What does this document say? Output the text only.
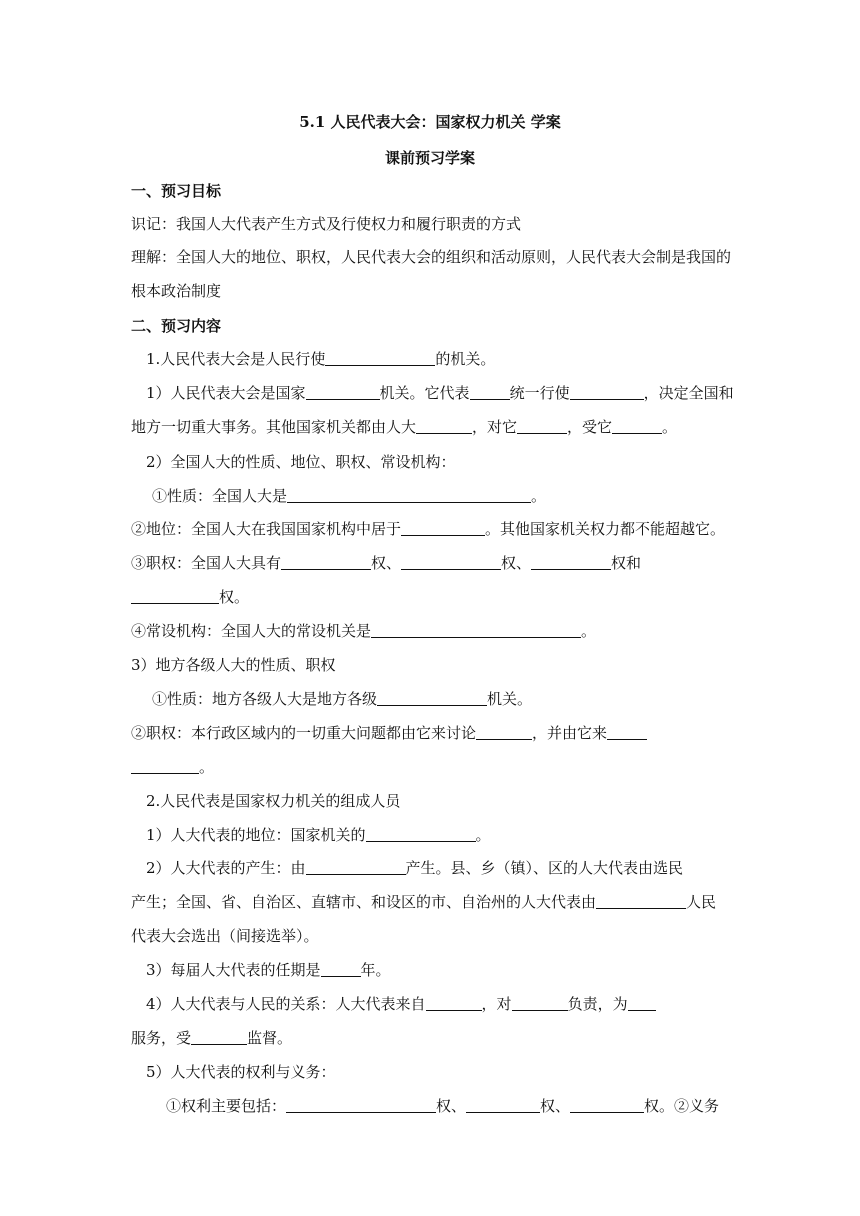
5.1 人民代表大会：国家权力机关 学案
课前预习学案
一、预习目标
识记：我国人大代表产生方式及行使权力和履行职责的方式
理解：全国人大的地位、职权，人民代表大会的组织和活动原则，人民代表大会制是我国的
根本政治制度
二、预习内容
1.人民代表大会是人民行使	的机关。
1）人民代表大会是国家	机关。它代表	统一行使	，决定全国和
地方一切重大事务。其他国家机关都由人大	，对它	，受它	。
2）全国人大的性质、地位、职权、常设机构：
①性质：全国人大是	。
②地位：全国人大在我国国家机构中居于	。其他国家机关权力都不能超越它。
③职权：全国人大具有	权、	权、	权和
权。
④常设机构：全国人大的常设机关是	。
3）地方各级人大的性质、职权
①性质：地方各级人大是地方各级	机关。
②职权：本行政区域内的一切重大问题都由它来讨论	，并由它来
。
2.人民代表是国家权力机关的组成人员
1）人大代表的地位：国家机关的	。
2）人大代表的产生：由	产生。县、乡（镇）、区的人大代表由选民
产生；全国、省、自治区、直辖市、和设区的市、自治州的人大代表由	人民
代表大会选出（间接选举）。
3）每届人大代表的任期是	年。
4）人大代表与人民的关系：人大代表来自	，对	负责，为
服务，受	监督。
5）人大代表的权利与义务：
①权利主要包括：	权、	权、	权。②义务
